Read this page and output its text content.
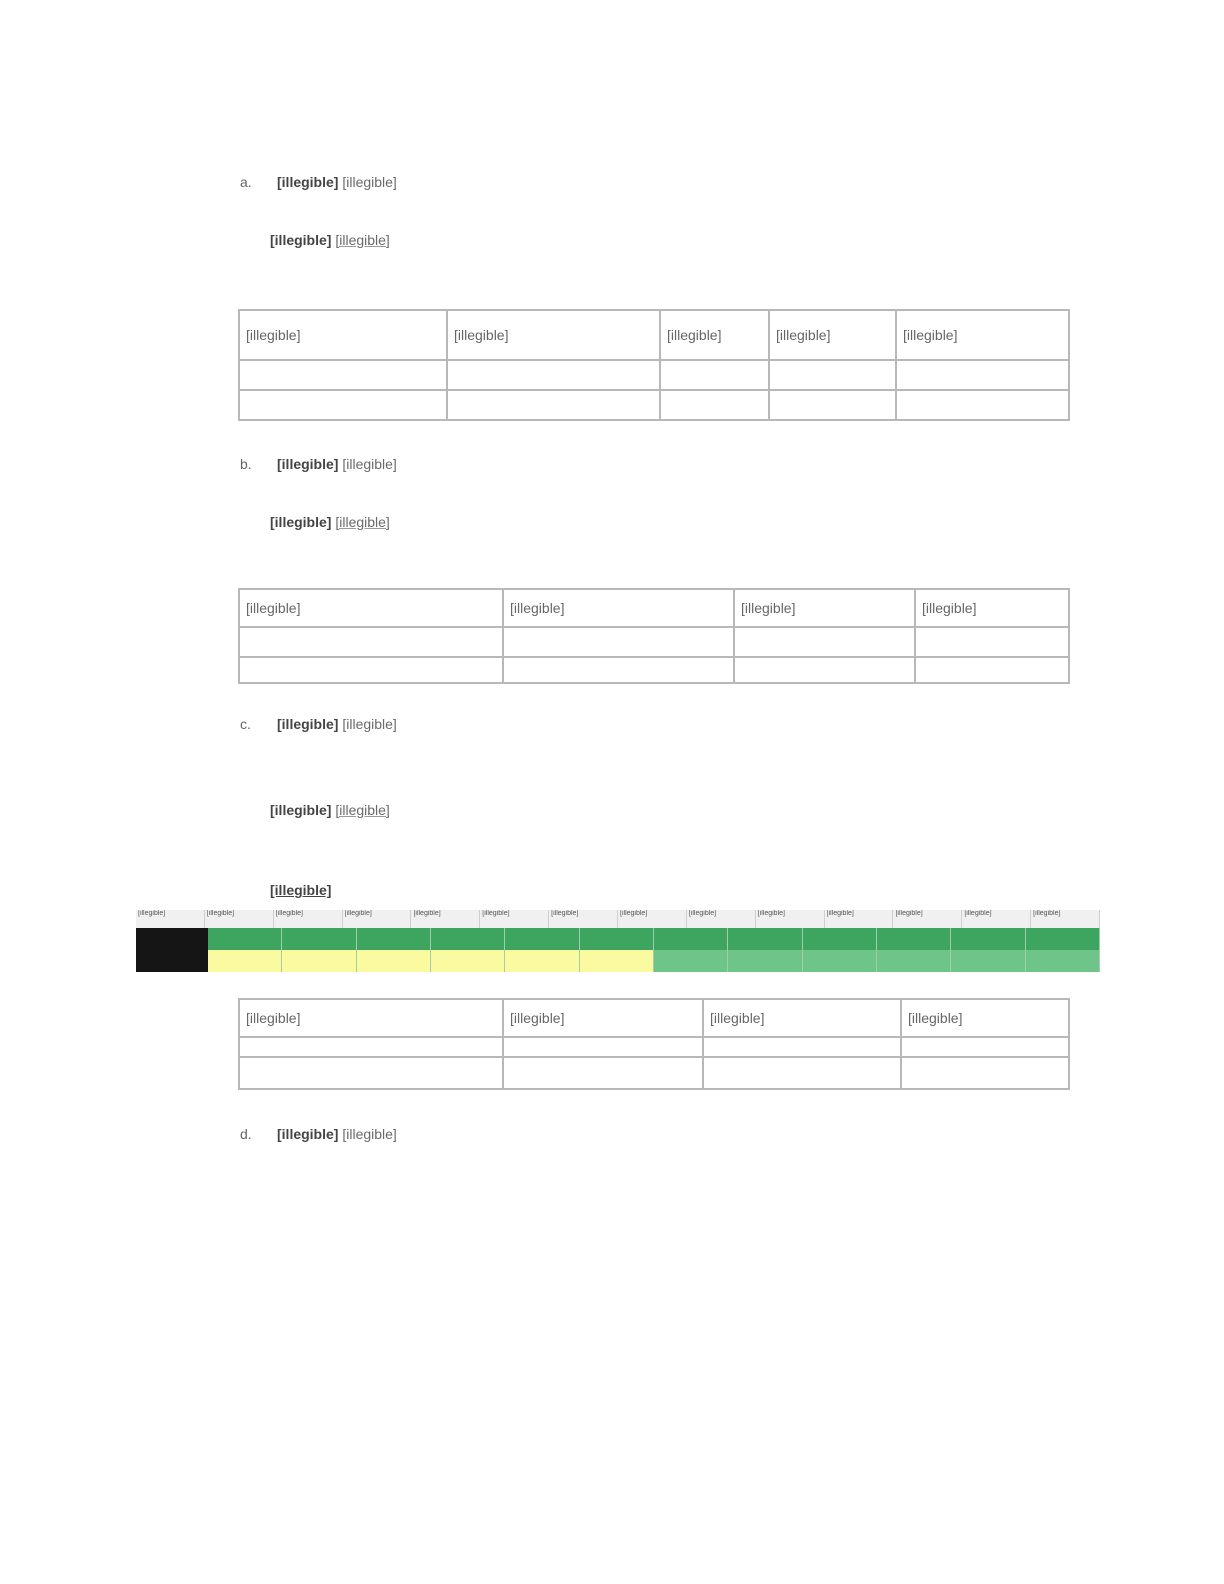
a. [illegible] [illegible]
[illegible] [illegible]
[illegible]	[illegible]	[illegible]	[illegible]	[illegible]

b. [illegible] [illegible]
[illegible] [illegible]
[illegible]	[illegible]	[illegible]	[illegible]

c. [illegible] [illegible]
[illegible] [illegible]
[illegible]
[illegible]	[illegible]	[illegible]	[illegible]	[illegible]	[illegible]	[illegible]	[illegible]	[illegible]	[illegible]	[illegible]	[illegible]	[illegible]	[illegible]
[illegible]	[illegible]	[illegible]	[illegible]

d. [illegible] [illegible]
